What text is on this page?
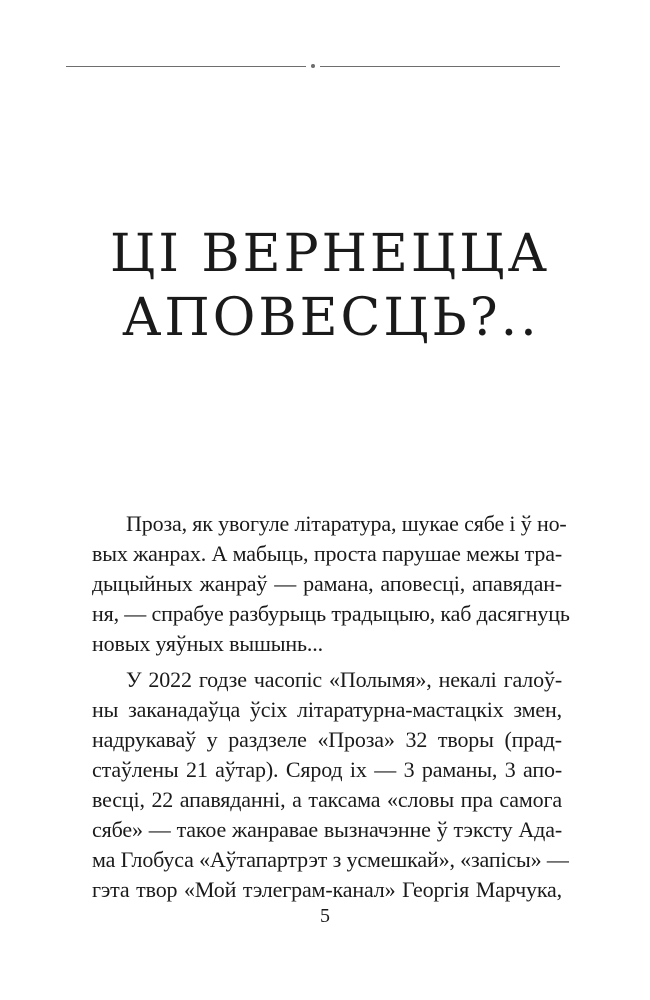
ЦІ ВЕРНЕЦЦА
АПОВЕСЦЬ?..
Проза, як увогуле літаратура, шукае сябе і ў но-
вых жанрах. А мабыць, проста парушае межы тра-
дыцыйных жанраў — рамана, аповесці, апавядан-
ня, — спрабуе разбурыць традыцыю, каб дасягнуць
новых уяўных вышынь...
У 2022 годзе часопіс «Полымя», некалі галоў-
ны заканадаўца ўсіх літаратурна-мастацкіх змен,
надрукаваў у раздзеле «Проза» 32 творы (прад-
стаўлены 21 аўтар). Сярод іх — 3 раманы, 3 апо-
весці, 22 апавяданні, а таксама «словы пра самога
сябе» — такое жанравае вызначэнне ў тэксту Ада-
ма Глобуса «Аўтапартрэт з усмешкай», «запісы» —
гэта твор «Мой тэлеграм-канал» Георгія Марчука,
5
